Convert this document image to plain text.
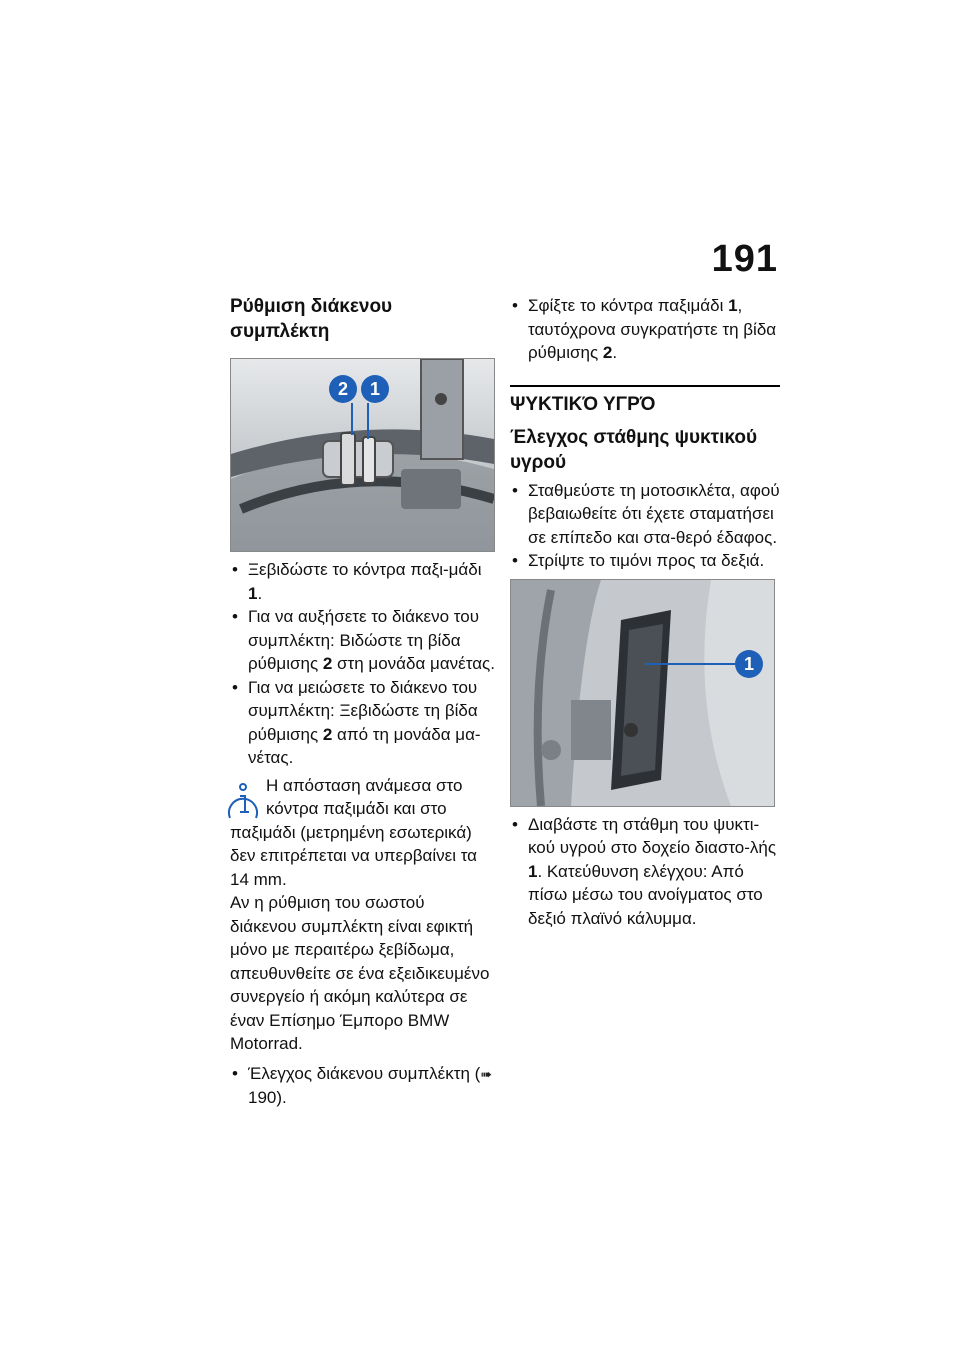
191
Ρύθμιση διάκενου συμπλέκτη
2 1
• Ξεβιδώστε το κόντρα παξι-μάδι 1.
• Για να αυξήσετε το διάκενο του συμπλέκτη: Βιδώστε τη βίδα ρύθμισης 2 στη μονάδα μανέτας.
• Για να μειώσετε το διάκενο του συμπλέκτη: Ξεβιδώστε τη βίδα ρύθμισης 2 από τη μονάδα μα-νέτας.

Η απόσταση ανάμεσα στο κόντρα παξιμάδι και στο παξιμάδι (μετρημένη εσωτερικά) δεν επιτρέπεται να υπερβαίνει τα 14 mm.

Αν η ρύθμιση του σωστού διάκενου συμπλέκτη είναι εφικτή μόνο με περαιτέρω ξεβίδωμα, απευθυνθείτε σε ένα εξειδικευμένο συνεργείο ή ακόμη καλύτερα σε έναν Επίσημο Έμπορο BMW Motorrad.

• Έλεγχος διάκενου συμπλέκτη (➠ 190).
• Σφίξτε το κόντρα παξιμάδι 1, ταυτόχρονα συγκρατήστε τη βίδα ρύθμισης 2.
ΨΥΚΤΙΚΌ ΥΓΡΌ
Έλεγχος στάθμης ψυκτικού υγρού
• Σταθμεύστε τη μοτοσικλέτα, αφού βεβαιωθείτε ότι έχετε σταματήσει σε επίπεδο και στα-θερό έδαφος.
• Στρίψτε το τιμόνι προς τα δεξιά.
1
• Διαβάστε τη στάθμη του ψυκτι-κού υγρού στο δοχείο διαστο-λής 1. Κατεύθυνση ελέγχου: Από πίσω μέσω του ανοίγματος στο δεξιό πλαϊνό κάλυμμα.
